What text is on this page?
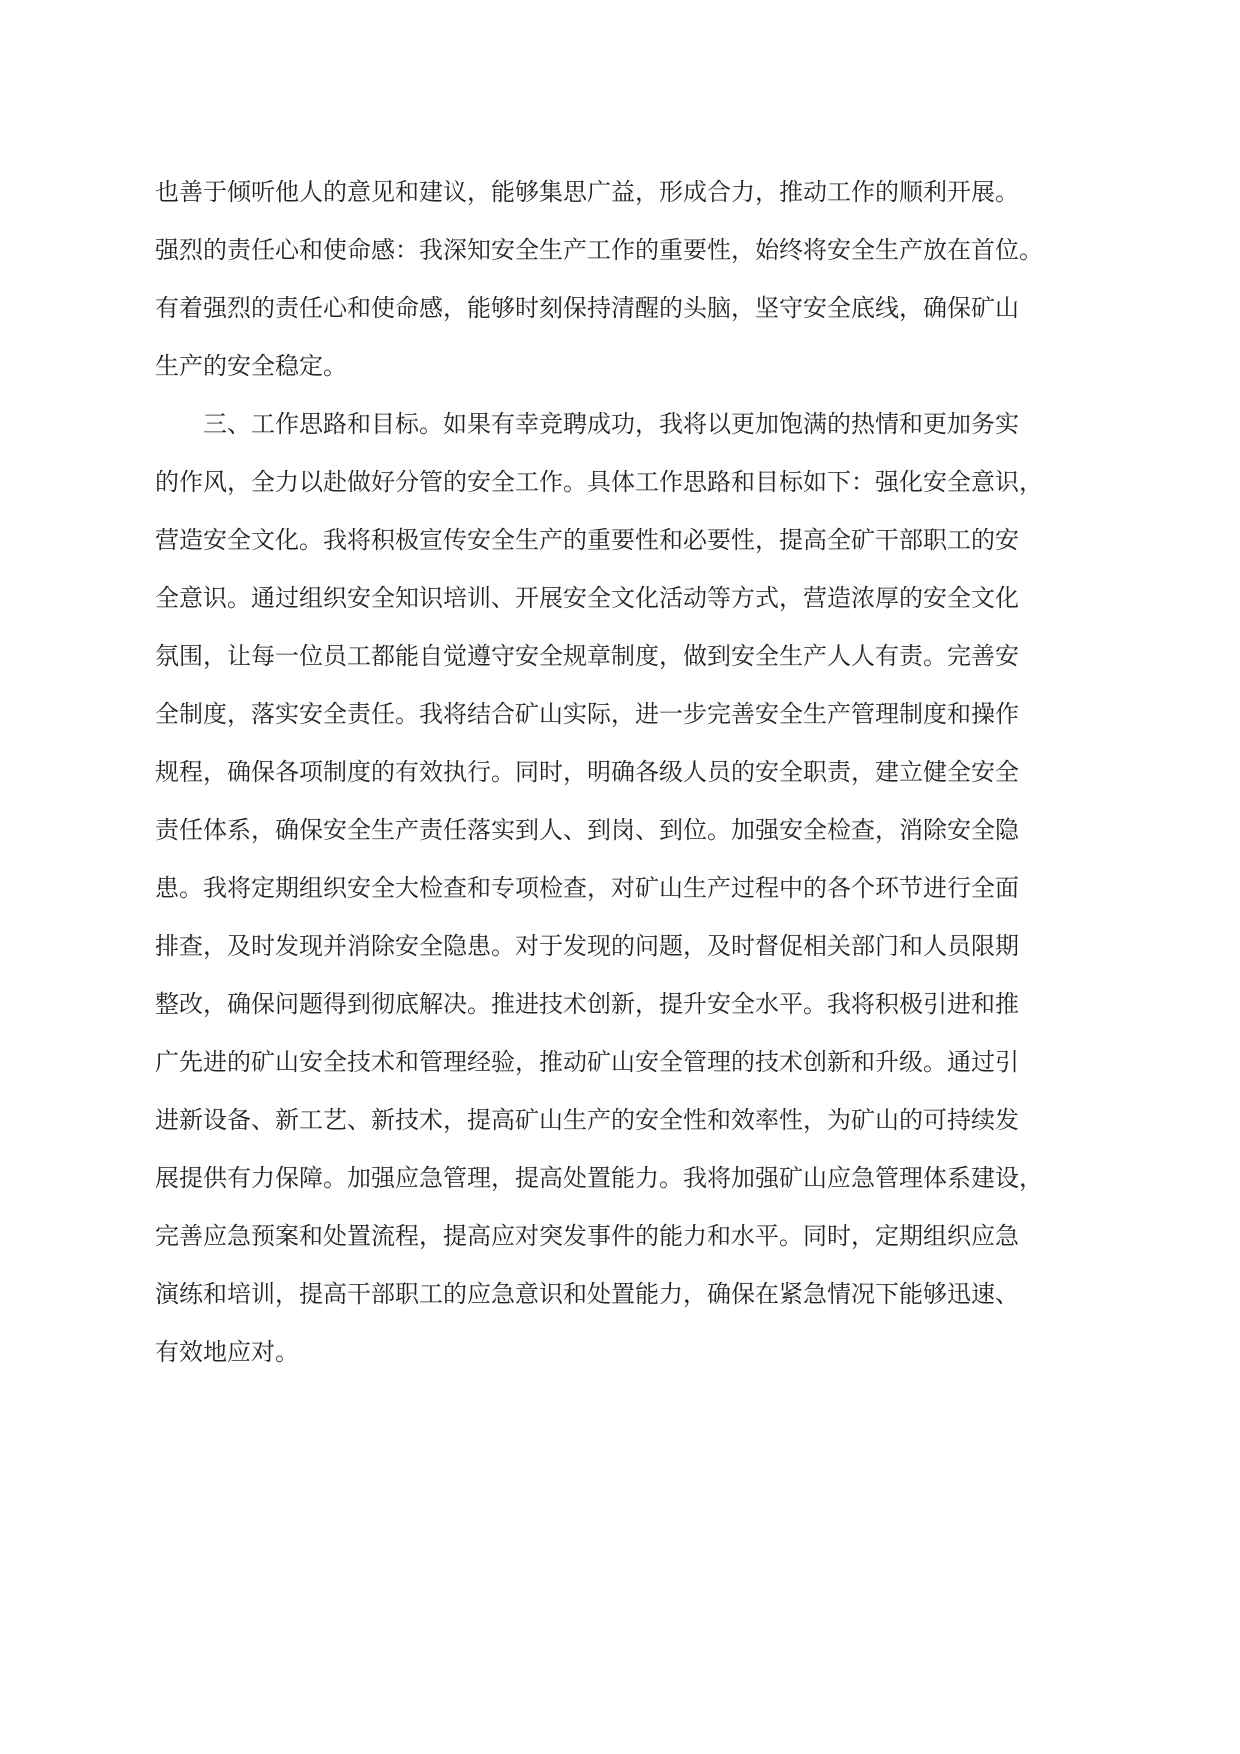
也善于倾听他人的意见和建议，能够集思广益，形成合力，推动工作的顺利开展。
强烈的责任心和使命感：我深知安全生产工作的重要性，始终将安全生产放在首位。
有着强烈的责任心和使命感，能够时刻保持清醒的头脑，坚守安全底线，确保矿山
生产的安全稳定。
　　三、工作思路和目标。如果有幸竞聘成功，我将以更加饱满的热情和更加务实
的作风，全力以赴做好分管的安全工作。具体工作思路和目标如下：强化安全意识，
营造安全文化。我将积极宣传安全生产的重要性和必要性，提高全矿干部职工的安
全意识。通过组织安全知识培训、开展安全文化活动等方式，营造浓厚的安全文化
氛围，让每一位员工都能自觉遵守安全规章制度，做到安全生产人人有责。完善安
全制度，落实安全责任。我将结合矿山实际，进一步完善安全生产管理制度和操作
规程，确保各项制度的有效执行。同时，明确各级人员的安全职责，建立健全安全
责任体系，确保安全生产责任落实到人、到岗、到位。加强安全检查，消除安全隐
患。我将定期组织安全大检查和专项检查，对矿山生产过程中的各个环节进行全面
排查，及时发现并消除安全隐患。对于发现的问题，及时督促相关部门和人员限期
整改，确保问题得到彻底解决。推进技术创新，提升安全水平。我将积极引进和推
广先进的矿山安全技术和管理经验，推动矿山安全管理的技术创新和升级。通过引
进新设备、新工艺、新技术，提高矿山生产的安全性和效率性，为矿山的可持续发
展提供有力保障。加强应急管理，提高处置能力。我将加强矿山应急管理体系建设，
完善应急预案和处置流程，提高应对突发事件的能力和水平。同时，定期组织应急
演练和培训，提高干部职工的应急意识和处置能力，确保在紧急情况下能够迅速、
有效地应对。
